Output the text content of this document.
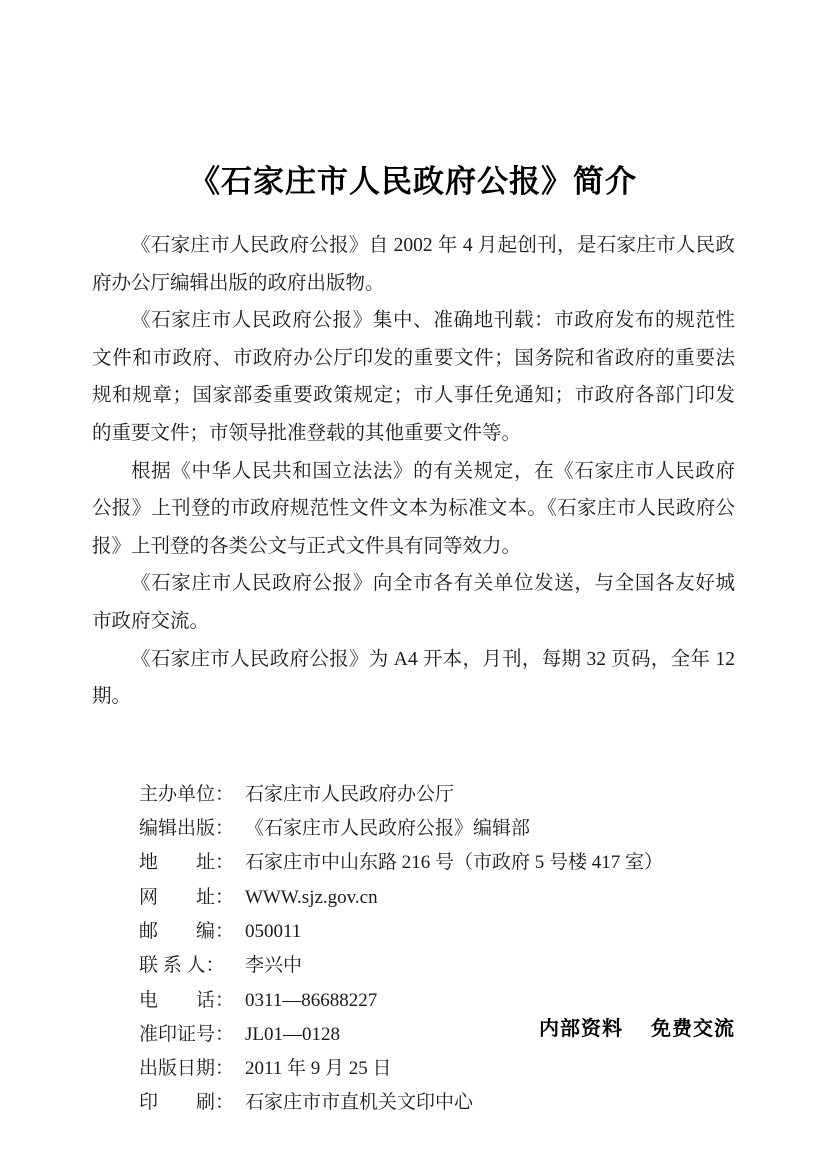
《石家庄市人民政府公报》简介

《石家庄市人民政府公报》自 2002 年 4 月起创刊，是石家庄市人民政府办公厅编辑出版的政府出版物。

《石家庄市人民政府公报》集中、准确地刊载：市政府发布的规范性文件和市政府、市政府办公厅印发的重要文件；国务院和省政府的重要法规和规章；国家部委重要政策规定；市人事任免通知；市政府各部门印发的重要文件；市领导批准登载的其他重要文件等。

根据《中华人民共和国立法法》的有关规定，在《石家庄市人民政府公报》上刊登的市政府规范性文件文本为标准文本。《石家庄市人民政府公报》上刊登的各类公文与正式文件具有同等效力。

《石家庄市人民政府公报》向全市各有关单位发送，与全国各友好城市政府交流。

《石家庄市人民政府公报》为 A4 开本，月刊，每期 32 页码，全年 12 期。

主办单位： 石家庄市人民政府办公厅
编辑出版： 《石家庄市人民政府公报》编辑部
地　　址： 石家庄市中山东路 216 号（市政府 5 号楼 417 室）
网　　址： WWW.sjz.gov.cn
邮　　编： 050011
联 系 人： 李兴中
电　　话： 0311—86688227
准印证号： JL01—0128
出版日期： 2011 年 9 月 25 日
印　　刷： 石家庄市市直机关文印中心
内部资料 免费交流
